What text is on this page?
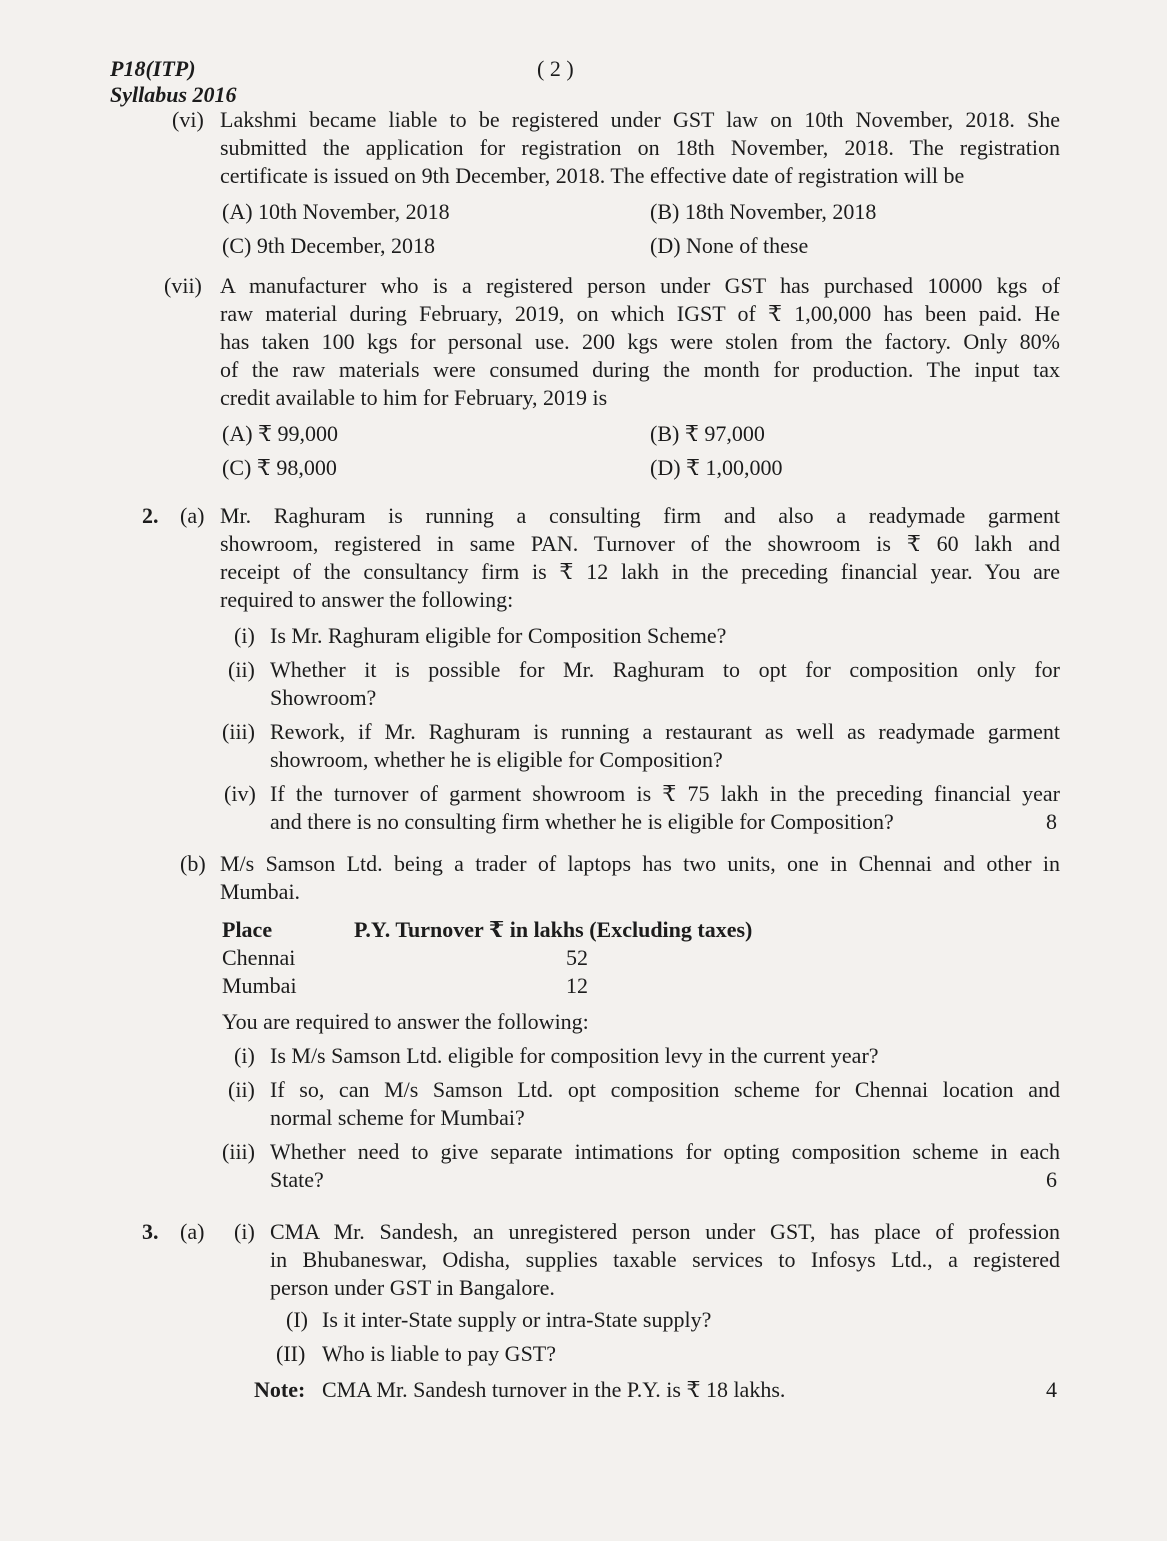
P18(ITP)
Syllabus 2016
( 2 )
(vi) Lakshmi became liable to be registered under GST law on 10th November, 2018. She
submitted the application for registration on 18th November, 2018. The registration
certificate is issued on 9th December, 2018. The effective date of registration will be
(A) 10th November, 2018	(B) 18th November, 2018
(C) 9th December, 2018	(D) None of these
(vii) A manufacturer who is a registered person under GST has purchased 10000 kgs of
raw material during February, 2019, on which IGST of ₹ 1,00,000 has been paid. He
has taken 100 kgs for personal use. 200 kgs were stolen from the factory. Only 80%
of the raw materials were consumed during the month for production. The input tax
credit available to him for February, 2019 is
(A) ₹ 99,000	(B) ₹ 97,000
(C) ₹ 98,000	(D) ₹ 1,00,000
2. (a) Mr. Raghuram is running a consulting firm and also a readymade garment
showroom, registered in same PAN. Turnover of the showroom is ₹ 60 lakh and
receipt of the consultancy firm is ₹ 12 lakh in the preceding financial year. You are
required to answer the following:
(i) Is Mr. Raghuram eligible for Composition Scheme?
(ii) Whether it is possible for Mr. Raghuram to opt for composition only for
Showroom?
(iii) Rework, if Mr. Raghuram is running a restaurant as well as readymade garment
showroom, whether he is eligible for Composition?
(iv) If the turnover of garment showroom is ₹ 75 lakh in the preceding financial year
and there is no consulting firm whether he is eligible for Composition?	8
(b) M/s Samson Ltd. being a trader of laptops has two units, one in Chennai and other in
Mumbai.
Place	P.Y. Turnover ₹ in lakhs (Excluding taxes)
Chennai	52
Mumbai	12
You are required to answer the following:
(i) Is M/s Samson Ltd. eligible for composition levy in the current year?
(ii) If so, can M/s Samson Ltd. opt composition scheme for Chennai location and
normal scheme for Mumbai?
(iii) Whether need to give separate intimations for opting composition scheme in each
State?	6
3. (a) (i) CMA Mr. Sandesh, an unregistered person under GST, has place of profession
in Bhubaneswar, Odisha, supplies taxable services to Infosys Ltd., a registered
person under GST in Bangalore.
(I) Is it inter-State supply or intra-State supply?
(II) Who is liable to pay GST?
Note: CMA Mr. Sandesh turnover in the P.Y. is ₹ 18 lakhs.	4
